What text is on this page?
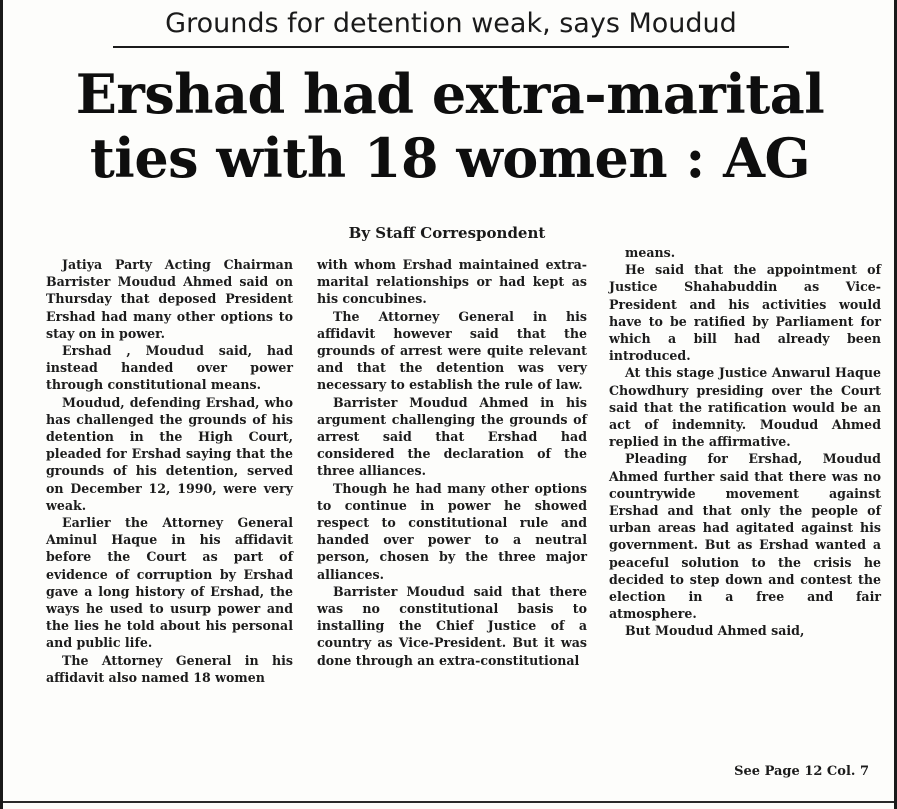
Grounds for detention weak, says Moudud
Ershad had extra-marital
ties with 18 women : AG
By Staff Correspondent

Jatiya Party Acting Chairman Barrister Moudud Ahmed said on Thursday that deposed President Ershad had many other options to stay on in power.

Ershad , Moudud said, had instead handed over power through constitutional means.

Moudud, defending Ershad, who has challenged the grounds of his detention in the High Court, pleaded for Ershad saying that the grounds of his detention, served on December 12, 1990, were very weak.

Earlier the Attorney General Aminul Haque in his affidavit before the Court as part of evidence of corruption by Ershad gave a long history of Ershad, the ways he used to usurp power and the lies he told about his personal and public life.

The Attorney General in his affidavit also named 18 women

with whom Ershad maintained extra-marital relationships or had kept as his concubines.

The Attorney General in his affidavit however said that the grounds of arrest were quite relevant and that the detention was very necessary to establish the rule of law.

Barrister Moudud Ahmed in his argument challenging the grounds of arrest said that Ershad had considered the declaration of the three alliances.

Though he had many other options to continue in power he showed respect to constitutional rule and handed over power to a neutral person, chosen by the three major alliances.

Barrister Moudud said that there was no constitutional basis to installing the Chief Justice of a country as Vice-President. But it was done through an extra-constitutional

means.

He said that the appointment of Justice Shahabuddin as Vice- President and his activities would have to be ratified by Parliament for which a bill had already been introduced.

At this stage Justice Anwarul Haque Chowdhury presiding over the Court said that the ratification would be an act of indemnity. Moudud Ahmed replied in the affirmative.

Pleading for Ershad, Moudud Ahmed further said that there was no countrywide movement against Ershad and that only the people of urban areas had agitated against his government. But as Ershad wanted a peaceful solution to the crisis he decided to step down and contest the election in a free and fair atmosphere.

But Moudud Ahmed said,

See Page 12 Col. 7
